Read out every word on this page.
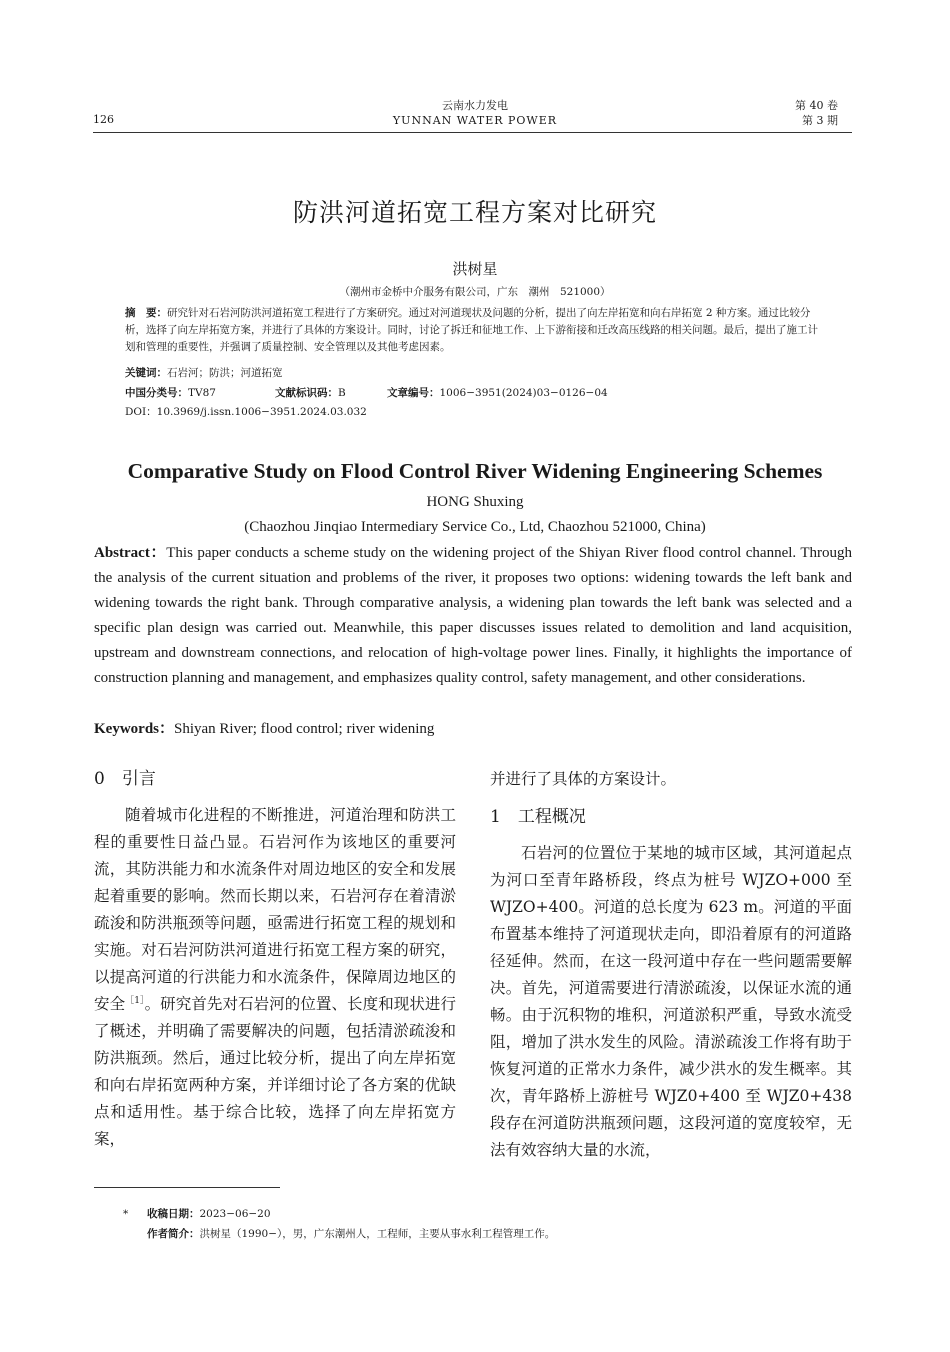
126
云南水力发电
YUNNAN WATER POWER
第 40 卷
第 3 期
防洪河道拓宽工程方案对比研究
洪树星
（潮州市金桥中介服务有限公司，广东　潮州　521000）
摘　要：研究针对石岩河防洪河道拓宽工程进行了方案研究。通过对河道现状及问题的分析，提出了向左岸拓宽和向右岸拓宽 2 种方案。通过比较分析，选择了向左岸拓宽方案，并进行了具体的方案设计。同时，讨论了拆迁和征地工作、上下游衔接和迁改高压线路的相关问题。最后，提出了施工计划和管理的重要性，并强调了质量控制、安全管理以及其他考虑因素。
关键词：石岩河；防洪；河道拓宽
中国分类号：TV87	文献标识码：B	文章编号：1006−3951(2024)03−0126−04
DOI：10.3969/j.issn.1006−3951.2024.03.032
Comparative Study on Flood Control River Widening Engineering Schemes
HONG Shuxing
(Chaozhou Jinqiao Intermediary Service Co., Ltd, Chaozhou 521000, China)
Abstract：This paper conducts a scheme study on the widening project of the Shiyan River flood control channel. Through the analysis of the current situation and problems of the river, it proposes two options: widening towards the left bank and widening towards the right bank. Through comparative analysis, a widening plan towards the left bank was selected and a specific plan design was carried out. Meanwhile, this paper discusses issues related to demolition and land acquisition, upstream and downstream connections, and relocation of high-voltage power lines. Finally, it highlights the importance of construction planning and management, and emphasizes quality control, safety management, and other considerations.
Keywords：Shiyan River; flood control; river widening
0　引言

随着城市化进程的不断推进，河道治理和防洪工程的重要性日益凸显。石岩河作为该地区的重要河流，其防洪能力和水流条件对周边地区的安全和发展起着重要的影响。然而长期以来，石岩河存在着清淤疏浚和防洪瓶颈等问题，亟需进行拓宽工程的规划和实施。对石岩河防洪河道进行拓宽工程方案的研究，以提高河道的行洪能力和水流条件，保障周边地区的安全$^{[1]}$。研究首先对石岩河的位置、长度和现状进行了概述，并明确了需要解决的问题，包括清淤疏浚和防洪瓶颈。然后，通过比较分析，提出了向左岸拓宽和向右岸拓宽两种方案，并详细讨论了各方案的优缺点和适用性。基于综合比较，选择了向左岸拓宽方案，

并进行了具体的方案设计。
1　工程概况

石岩河的位置位于某地的城市区域，其河道起点为河口至青年路桥段，终点为桩号 WJZO+000 至 WJZO+400。河道的总长度为 623 m。河道的平面布置基本维持了河道现状走向，即沿着原有的河道路径延伸。然而，在这一段河道中存在一些问题需要解决。首先，河道需要进行清淤疏浚，以保证水流的通畅。由于沉积物的堆积，河道淤积严重，导致水流受阻，增加了洪水发生的风险。清淤疏浚工作将有助于恢复河道的正常水力条件，减少洪水的发生概率。其次，青年路桥上游桩号 WJZ0+400 至 WJZ0+438 段存在河道防洪瓶颈问题，这段河道的宽度较窄，无法有效容纳大量的水流，

* 收稿日期：2023−06−20
作者简介：洪树星（1990−），男，广东潮州人，工程师，主要从事水利工程管理工作。
